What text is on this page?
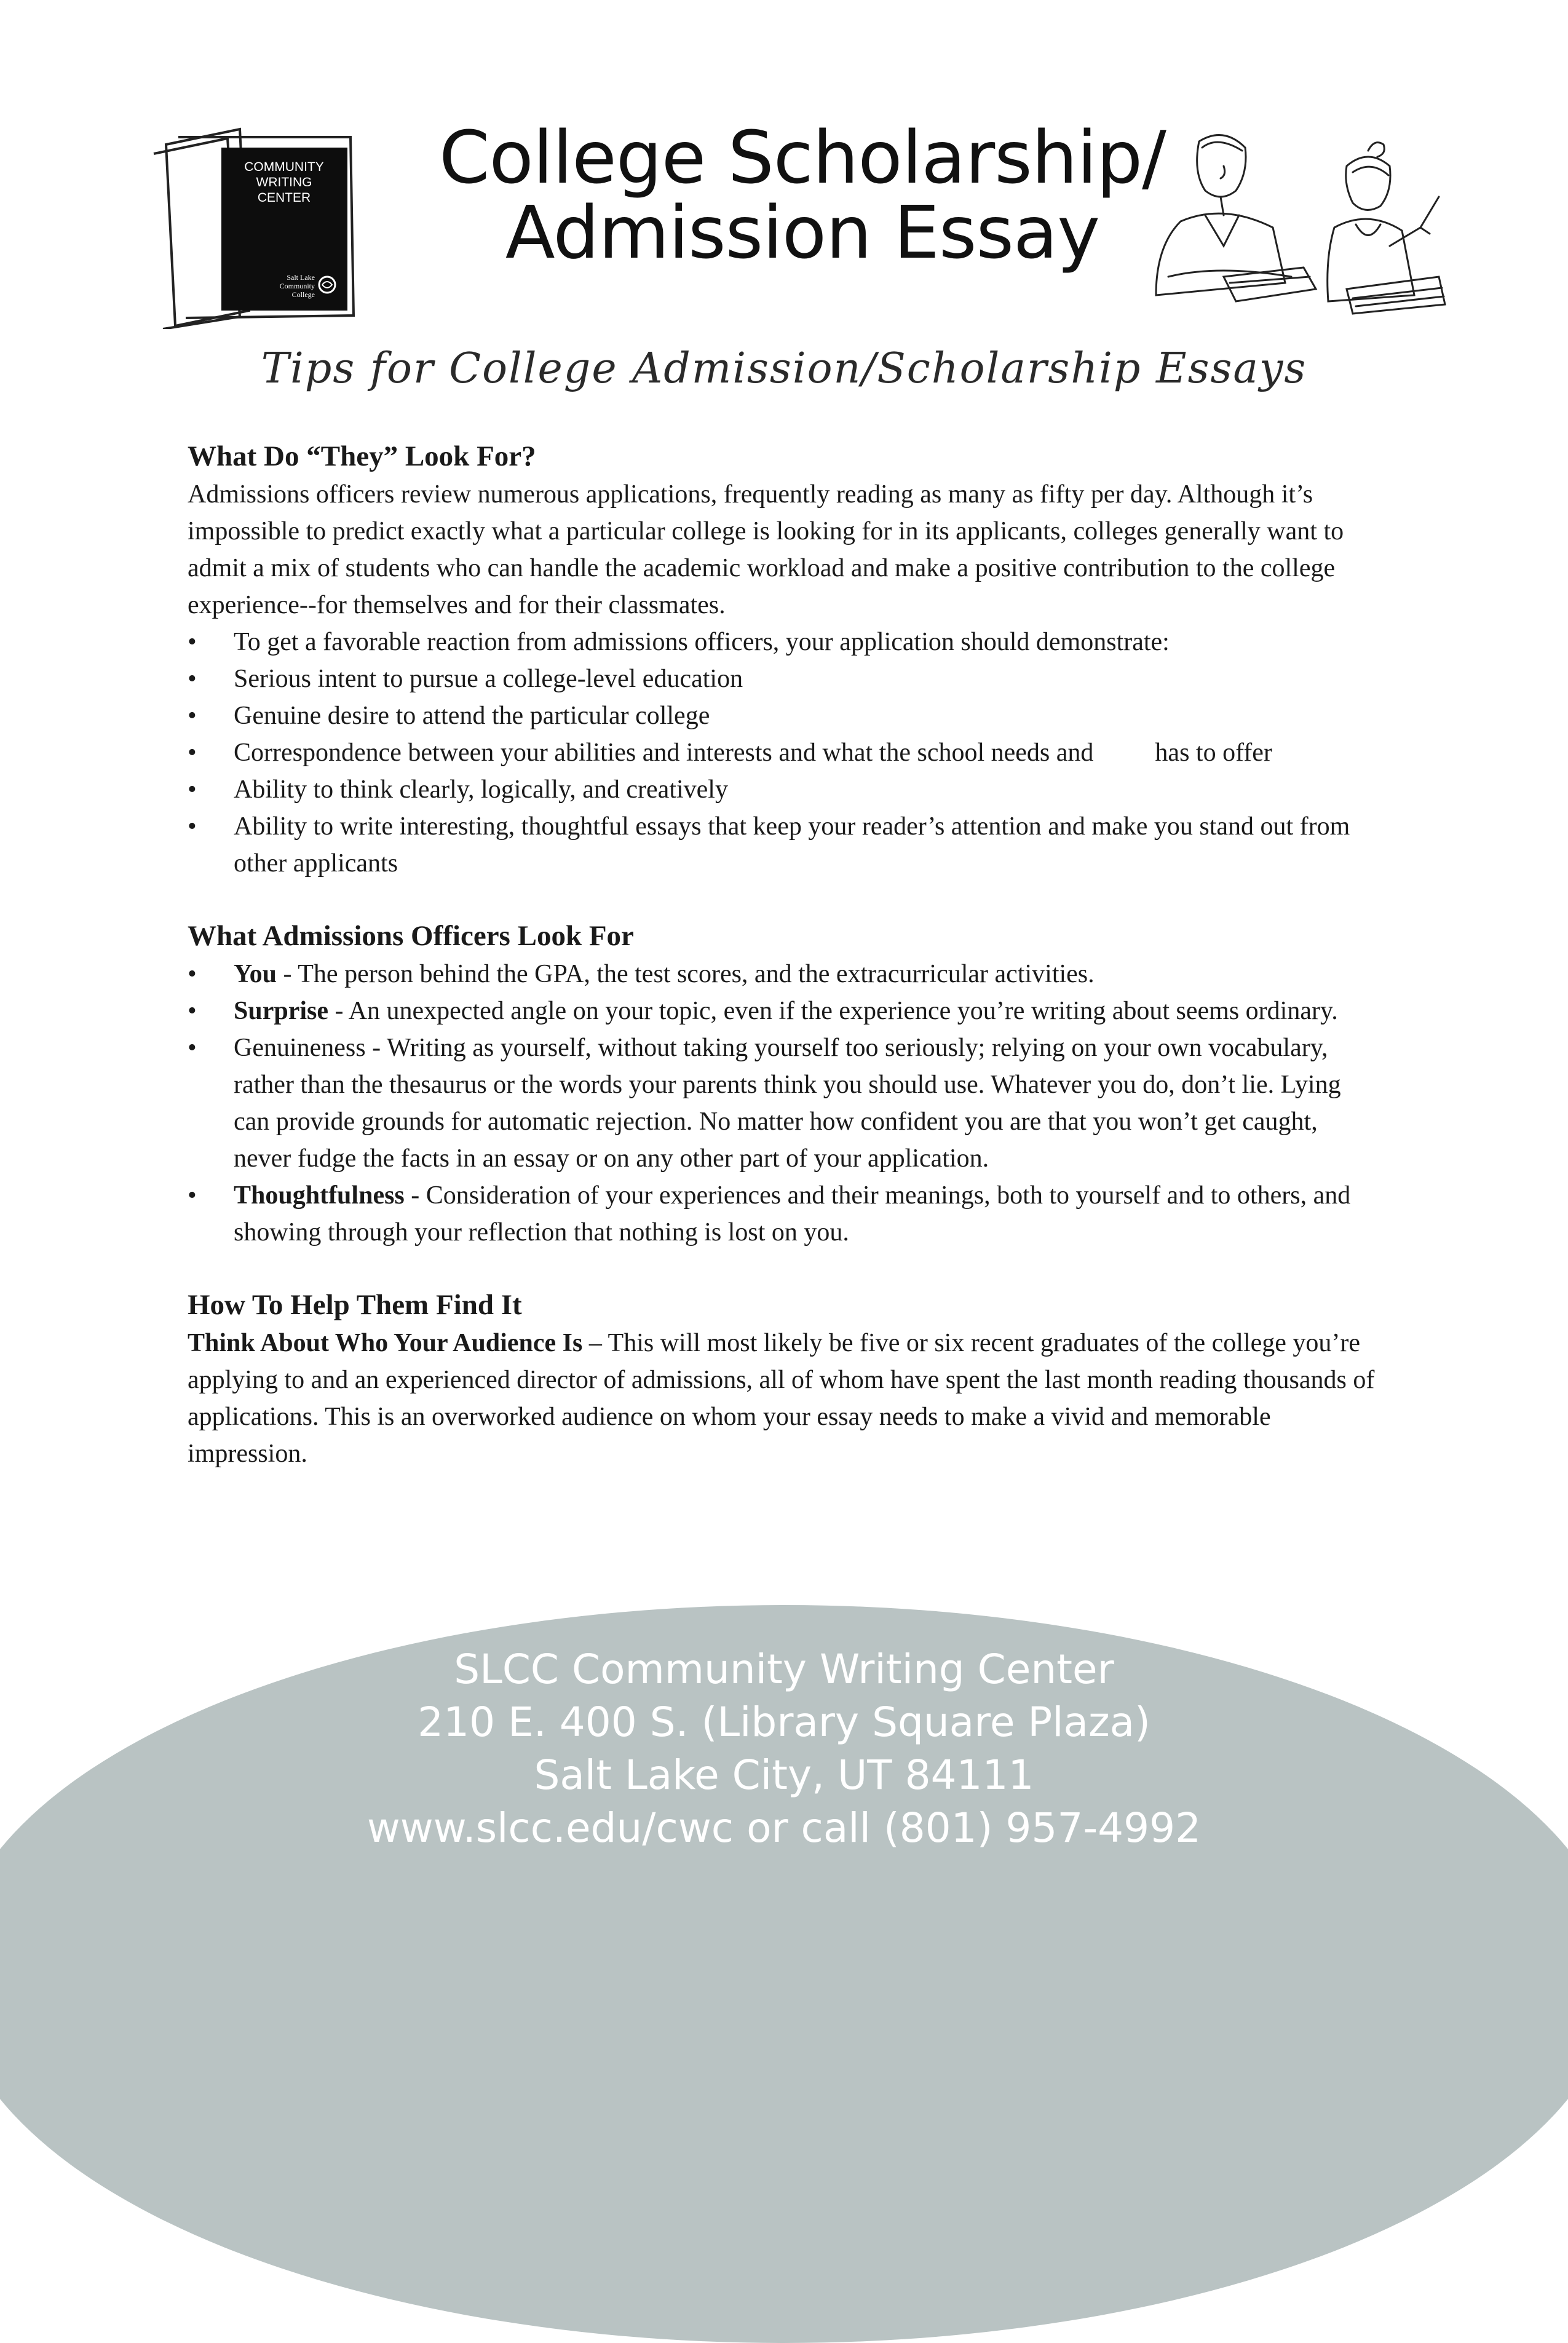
COMMUNITY
WRITING
CENTER
Salt Lake
Community
College
College Scholarship/
Admission Essay

Tips for College Admission/Scholarship Essays

What Do “They” Look For?

Admissions officers review numerous applications, frequently reading as many as fifty per day. Although it’s impossible to predict exactly what a particular college is looking for in its applicants, colleges generally want to admit a mix of students who can handle the academic workload and make a positive contribution to the college experience--for themselves and for their classmates.

• To get a favorable reaction from admissions officers, your application should demonstrate:
• Serious intent to pursue a college-level education
• Genuine desire to attend the particular college
• Correspondence between your abilities and interests and what the school needs and has to offer
• Ability to think clearly, logically, and creatively
• Ability to write interesting, thoughtful essays that keep your reader’s attention and make you stand out from other applicants
What Admissions Officers Look For
• You - The person behind the GPA, the test scores, and the extracurricular activities.
• Surprise - An unexpected angle on your topic, even if the experience you’re writing about seems ordinary.
• Genuineness - Writing as yourself, without taking yourself too seriously; relying on your own vocabulary, rather than the thesaurus or the words your parents think you should use. Whatever you do, don’t lie. Lying can provide grounds for automatic rejection. No matter how confident you are that you won’t get caught, never fudge the facts in an essay or on any other part of your application.
• Thoughtfulness - Consideration of your experiences and their meanings, both to yourself and to others, and showing through your reflection that nothing is lost on you.
How To Help Them Find It

Think About Who Your Audience Is – This will most likely be five or six recent graduates of the college you’re applying to and an experienced director of admissions, all of whom have spent the last month reading thousands of applications. This is an overworked audience on whom your essay needs to make a vivid and memorable impression.

SLCC Community Writing Center
210 E. 400 S. (Library Square Plaza)
Salt Lake City, UT 84111
www.slcc.edu/cwc or call (801) 957-4992
